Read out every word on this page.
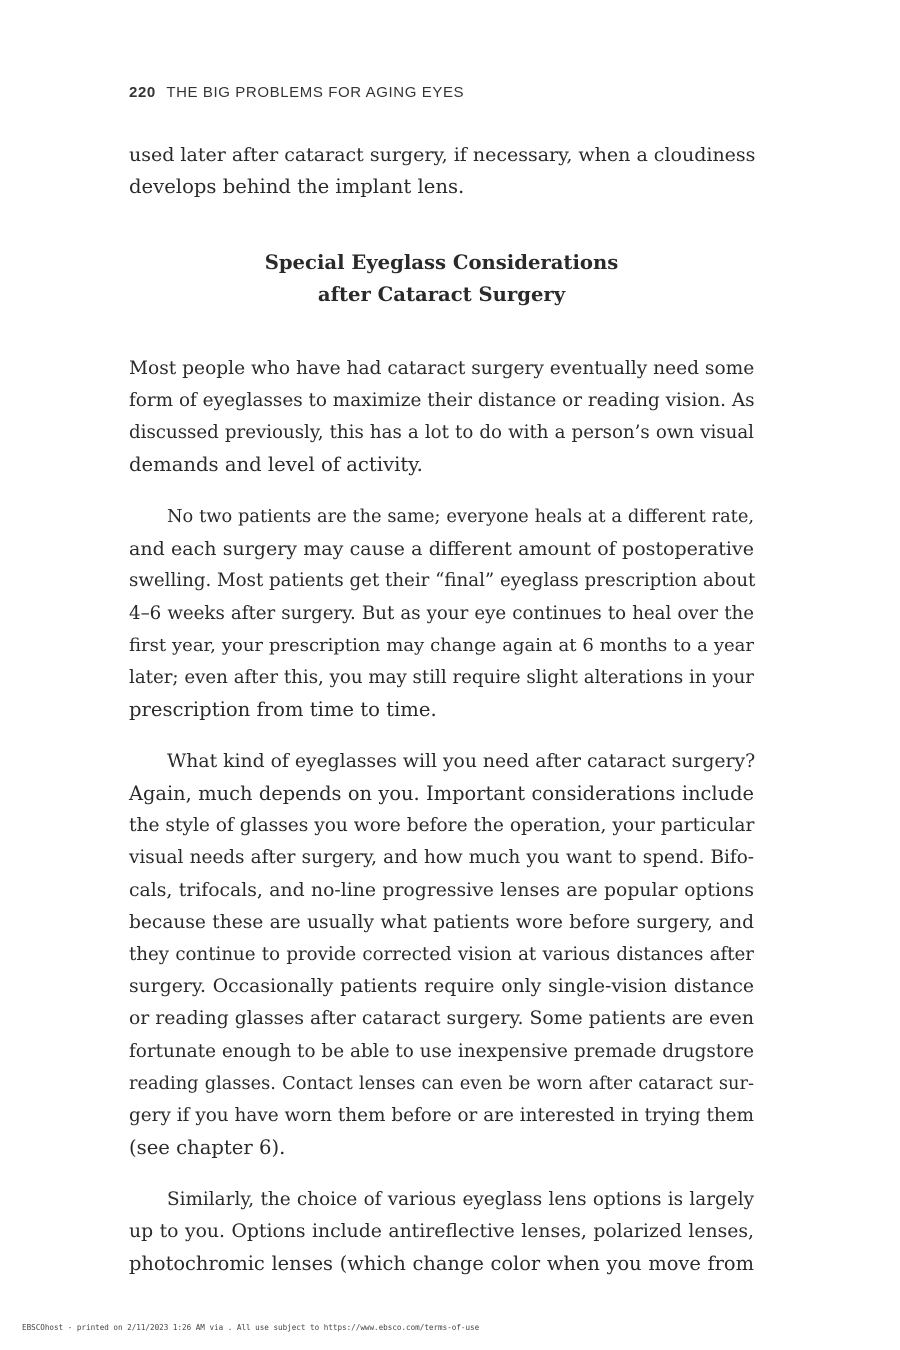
220 THE BIG PROBLEMS FOR AGING EYES

used later after cataract surgery, if necessary, when a cloudiness
develops behind the implant lens.

Special Eyeglass Considerations
after Cataract Surgery

Most people who have had cataract surgery eventually need some
form of eyeglasses to maximize their distance or reading vision. As
discussed previously, this has a lot to do with a person’s own visual
demands and level of activity.

No two patients are the same; everyone heals at a different rate,
and each surgery may cause a different amount of postoperative
swelling. Most patients get their “final” eyeglass prescription about
4–6 weeks after surgery. But as your eye continues to heal over the
first year, your prescription may change again at 6 months to a year
later; even after this, you may still require slight alterations in your
prescription from time to time.

What kind of eyeglasses will you need after cataract surgery?
Again, much depends on you. Important considerations include
the style of glasses you wore before the operation, your particular
visual needs after surgery, and how much you want to spend. Bifo-
cals, trifocals, and no-line progressive lenses are popular options
because these are usually what patients wore before surgery, and
they continue to provide corrected vision at various distances after
surgery. Occasionally patients require only single-vision distance
or reading glasses after cataract surgery. Some patients are even
fortunate enough to be able to use inexpensive premade drugstore
reading glasses. Contact lenses can even be worn after cataract sur-
gery if you have worn them before or are interested in trying them
(see chapter 6).

Similarly, the choice of various eyeglass lens options is largely
up to you. Options include antireflective lenses, polarized lenses,
photochromic lenses (which change color when you move from

EBSCOhost - printed on 2/11/2023 1:26 AM via . All use subject to https://www.ebsco.com/terms-of-use
